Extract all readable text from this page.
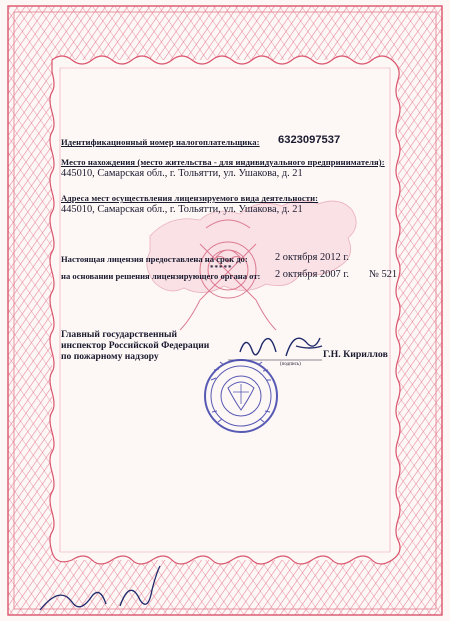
Идентификационный номер налогоплательщика: 6323097537
Место нахождения (место жительства - для индивидуального предпринимателя):
445010, Самарская обл., г. Тольятти, ул. Ушакова, д. 21
Адреса мест осуществления лицензируемого вида деятельности:
445010, Самарская обл., г. Тольятти, ул. Ушакова, д. 21
Настоящая лицензия предоставлена на срок до:	2 октября 2012 г.
*****
на основании решения лицензирующего органа от: 2 октября 2007 г. № 521
Главный государственный
инспектор Российской Федерации
по пожарному надзору	Г.Н. Кириллов
(подпись)
